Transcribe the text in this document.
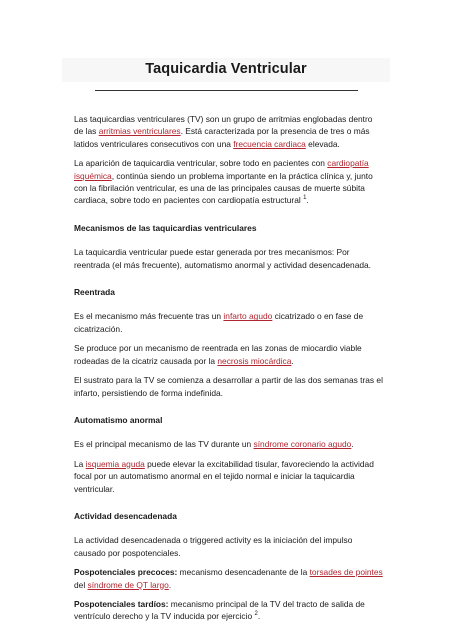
Taquicardia Ventricular

Las taquicardias ventriculares (TV) son un grupo de arritmias englobadas dentro de las arritmias ventriculares. Está caracterizada por la presencia de tres o más latidos ventriculares consecutivos con una frecuencia cardiaca elevada.

La aparición de taquicardia ventricular, sobre todo en pacientes con cardiopatía isquémica, continúa siendo un problema importante en la práctica clínica y, junto con la fibrilación ventricular, es una de las principales causas de muerte súbita cardiaca, sobre todo en pacientes con cardiopatía estructural $^1$.

Mecanismos de las taquicardias ventriculares

La taquicardia ventricular puede estar generada por tres mecanismos: Por reentrada (el más frecuente), automatismo anormal y actividad desencadenada.

Reentrada

Es el mecanismo más frecuente tras un infarto agudo cicatrizado o en fase de cicatrización.

Se produce por un mecanismo de reentrada en las zonas de miocardio viable rodeadas de la cicatriz causada por la necrosis miocárdica.

El sustrato para la TV se comienza a desarrollar a partir de las dos semanas tras el infarto, persistiendo de forma indefinida.

Automatismo anormal

Es el principal mecanismo de las TV durante un síndrome coronario agudo.

La isquemia aguda puede elevar la excitabilidad tisular, favoreciendo la actividad focal por un automatismo anormal en el tejido normal e iniciar la taquicardia ventricular.

Actividad desencadenada

La actividad desencadenada o triggered activity es la iniciación del impulso causado por pospotenciales.

Pospotenciales precoces: mecanismo desencadenante de la torsades de pointes del síndrome de QT largo.

Pospotenciales tardíos: mecanismo principal de la TV del tracto de salida de ventrículo derecho y la TV inducida por ejercicio $^2$.
